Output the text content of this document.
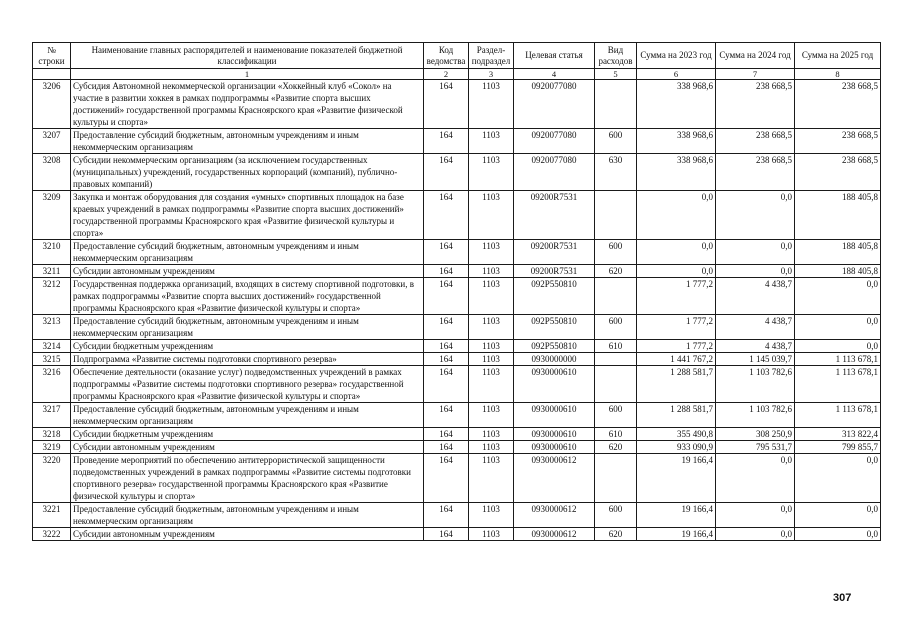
№ строки	Наименование главных распорядителей и наименование показателей бюджетной классификации	Код ведомства	Раздел-подраздел	Целевая статья	Вид расходов	Сумма на 2023 год	Сумма на 2024 год	Сумма на 2025 год
	1	2	3	4	5	6	7	8
3206	Субсидия Автономной некоммерческой организации «Хоккейный клуб «Сокол» на участие в развитии хоккея в рамках подпрограммы «Развитие спорта высших достижений» государственной программы Красноярского края «Развитие физической культуры и спорта»	164	1103	0920077080		338 968,6	238 668,5	238 668,5
3207	Предоставление субсидий бюджетным, автономным учреждениям и иным некоммерческим организациям	164	1103	0920077080	600	338 968,6	238 668,5	238 668,5
3208	Субсидии некоммерческим организациям (за исключением государственных (муниципальных) учреждений, государственных корпораций (компаний), публично-правовых компаний)	164	1103	0920077080	630	338 968,6	238 668,5	238 668,5
3209	Закупка и монтаж оборудования для создания «умных» спортивных площадок на базе краевых учреждений в рамках подпрограммы «Развитие спорта высших достижений» государственной программы Красноярского края «Развитие физической культуры и спорта»	164	1103	09200R7531		0,0	0,0	188 405,8
3210	Предоставление субсидий бюджетным, автономным учреждениям и иным некоммерческим организациям	164	1103	09200R7531	600	0,0	0,0	188 405,8
3211	Субсидии автономным учреждениям	164	1103	09200R7531	620	0,0	0,0	188 405,8
3212	Государственная поддержка организаций, входящих в систему спортивной подготовки, в рамках подпрограммы «Развитие спорта высших достижений» государственной программы Красноярского края «Развитие физической культуры и спорта»	164	1103	092P550810		1 777,2	4 438,7	0,0
3213	Предоставление субсидий бюджетным, автономным учреждениям и иным некоммерческим организациям	164	1103	092P550810	600	1 777,2	4 438,7	0,0
3214	Субсидии бюджетным учреждениям	164	1103	092P550810	610	1 777,2	4 438,7	0,0
3215	Подпрограмма «Развитие системы подготовки спортивного резерва»	164	1103	0930000000		1 441 767,2	1 145 039,7	1 113 678,1
3216	Обеспечение деятельности (оказание услуг) подведомственных учреждений в рамках подпрограммы «Развитие системы подготовки спортивного резерва» государственной программы Красноярского края «Развитие физической культуры и спорта»	164	1103	0930000610		1 288 581,7	1 103 782,6	1 113 678,1
3217	Предоставление субсидий бюджетным, автономным учреждениям и иным некоммерческим организациям	164	1103	0930000610	600	1 288 581,7	1 103 782,6	1 113 678,1
3218	Субсидии бюджетным учреждениям	164	1103	0930000610	610	355 490,8	308 250,9	313 822,4
3219	Субсидии автономным учреждениям	164	1103	0930000610	620	933 090,9	795 531,7	799 855,7
3220	Проведение мероприятий по обеспечению антитеррористической защищенности подведомственных учреждений в рамках подпрограммы «Развитие системы подготовки спортивного резерва» государственной программы Красноярского края «Развитие физической культуры и спорта»	164	1103	0930000612		19 166,4	0,0	0,0
3221	Предоставление субсидий бюджетным, автономным учреждениям и иным некоммерческим организациям	164	1103	0930000612	600	19 166,4	0,0	0,0
3222	Субсидии автономным учреждениям	164	1103	0930000612	620	19 166,4	0,0	0,0
307
